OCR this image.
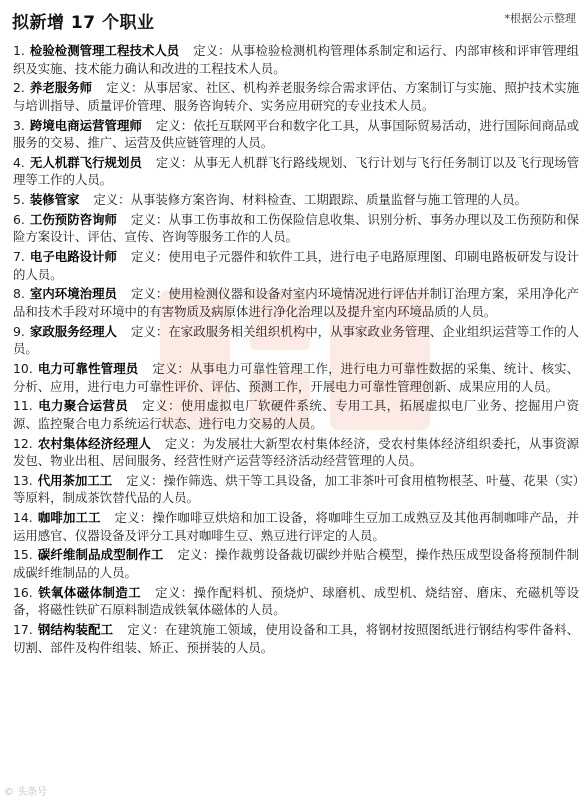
拟新增 17 个职业	*根据公示整理
1. 检验检测管理工程技术人员 定义：从事检验检测机构管理体系制定和运行、内部审核和评审管理组织及实施、技术能力确认和改进的工程技术人员。
2. 养老服务师 定义：从事居家、社区、机构养老服务综合需求评估、方案制订与实施、照护技术实施与培训指导、质量评价管理、服务咨询转介、实务应用研究的专业技术人员。
3. 跨境电商运营管理师 定义：依托互联网平台和数字化工具，从事国际贸易活动，进行国际间商品或服务的交易、推广、运营及供应链管理的人员。
4. 无人机群飞行规划员 定义：从事无人机群飞行路线规划、飞行计划与飞行任务制订以及飞行现场管理等工作的人员。
5. 装修管家 定义：从事装修方案咨询、材料检查、工期跟踪、质量监督与施工管理的人员。
6. 工伤预防咨询师 定义：从事工伤事故和工伤保险信息收集、识别分析、事务办理以及工伤预防和保险方案设计、评估、宣传、咨询等服务工作的人员。
7. 电子电路设计师 定义：使用电子元器件和软件工具，进行电子电路原理图、印刷电路板研发与设计的人员。
8. 室内环境治理员 定义：使用检测仪器和设备对室内环境情况进行评估并制订治理方案，采用净化产品和技术手段对环境中的有害物质及病原体进行净化治理以及提升室内环境品质的人员。
9. 家政服务经理人 定义：在家政服务相关组织机构中，从事家政业务管理、企业组织运营等工作的人员。
10. 电力可靠性管理员 定义：从事电力可靠性管理工作，进行电力可靠性数据的采集、统计、核实、分析、应用，进行电力可靠性评价、评估、预测工作，开展电力可靠性管理创新、成果应用的人员。
11. 电力聚合运营员 定义：使用虚拟电厂软硬件系统、专用工具，拓展虚拟电厂业务、挖掘用户资源、监控聚合电力系统运行状态、进行电力交易的人员。
12. 农村集体经济经理人 定义：为发展壮大新型农村集体经济，受农村集体经济组织委托，从事资源发包、物业出租、居间服务、经营性财产运营等经济活动经营管理的人员。
13. 代用茶加工工 定义：操作筛选、烘干等工具设备，加工非茶叶可食用植物根茎、叶蔓、花果（实）等原料，制成茶饮替代品的人员。
14. 咖啡加工工 定义：操作咖啡豆烘焙和加工设备，将咖啡生豆加工成熟豆及其他再制咖啡产品，并运用感官、仪器设备及评分工具对咖啡生豆、熟豆进行评定的人员。
15. 碳纤维制品成型制作工 定义：操作裁剪设备裁切碳纱并贴合模型，操作热压成型设备将预制件制成碳纤维制品的人员。
16. 铁氧体磁体制造工 定义：操作配料机、预烧炉、球磨机、成型机、烧结窑、磨床、充磁机等设备，将磁性铁矿石原料制造成铁氧体磁体的人员。
17. 钢结构装配工 定义：在建筑施工领域，使用设备和工具，将钢材按照图纸进行钢结构零件备料、切割、部件及构件组装、矫正、预拼装的人员。
© 头条号
